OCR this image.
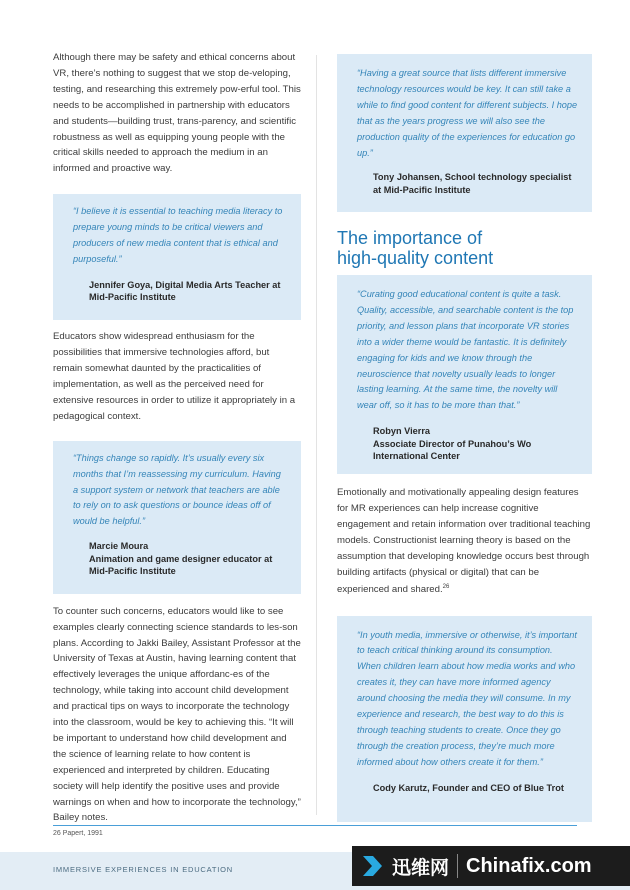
Although there may be safety and ethical concerns about VR, there’s nothing to suggest that we stop de-veloping, testing, and researching this extremely pow-erful tool. This needs to be accomplished in partnership with educators and students—building trust, trans-parency, and scientific robustness as well as equipping young people with the critical skills needed to approach the medium in an informed and proactive way.

“I believe it is essential to teaching media literacy to prepare young minds to be critical viewers and producers of new media content that is ethical and purposeful.”

Jennifer Goya, Digital Media Arts Teacher at Mid-Pacific Institute

Educators show widespread enthusiasm for the possibilities that immersive technologies afford, but remain somewhat daunted by the practicalities of implementation, as well as the perceived need for extensive resources in order to utilize it appropriately in a pedagogical context.

“Things change so rapidly. It’s usually every six months that I’m reassessing my curriculum. Having a support system or network that teachers are able to rely on to ask questions or bounce ideas off of would be helpful.”

Marcie Moura

Animation and game designer educator at Mid-Pacific Institute

To counter such concerns, educators would like to see examples clearly connecting science standards to les-son plans. According to Jakki Bailey, Assistant Professor at the University of Texas at Austin, having learning content that effectively leverages the unique affordanc-es of the technology, while taking into account child development and practical tips on ways to incorporate the technology into the classroom, would be key to achieving this. “It will be important to understand how child development and the science of learning relate to how content is experienced and interpreted by children. Educating society will help identify the positive uses and provide warnings on when and how to incorporate the technology,” Bailey notes.

“Having a great source that lists different immersive technology resources would be key. It can still take a while to find good content for different subjects. I hope that as the years progress we will also see the production quality of the experiences for education go up.”

Tony Johansen, School technology specialist at Mid-Pacific Institute

The importance of
high-quality content

“Curating good educational content is quite a task. Quality, accessible, and searchable content is the top priority, and lesson plans that incorporate VR stories into a wider theme would be fantastic. It is definitely engaging for kids and we know through the neuroscience that novelty usually leads to longer lasting learning. At the same time, the novelty will wear off, so it has to be more than that.”

Robyn Vierra

Associate Director of Punahou’s Wo International Center

Emotionally and motivationally appealing design features for MR experiences can help increase cognitive engagement and retain information over traditional teaching models. Constructionist learning theory is based on the assumption that developing knowledge occurs best through building artifacts (physical or digital) that can be experienced and shared.$^{26}$

“In youth media, immersive or otherwise, it’s important to teach critical thinking around its consumption. When children learn about how media works and who creates it, they can have more informed agency around choosing the media they will consume. In my experience and research, the best way to do this is through teaching students to create. Once they go through the creation process, they’re much more informed about how others create it for them.”

Cody Karutz, Founder and CEO of Blue Trot

26 Papert, 1991
IMMERSIVE EXPERIENCES IN EDUCATION	迅维网 Chinafix.com
